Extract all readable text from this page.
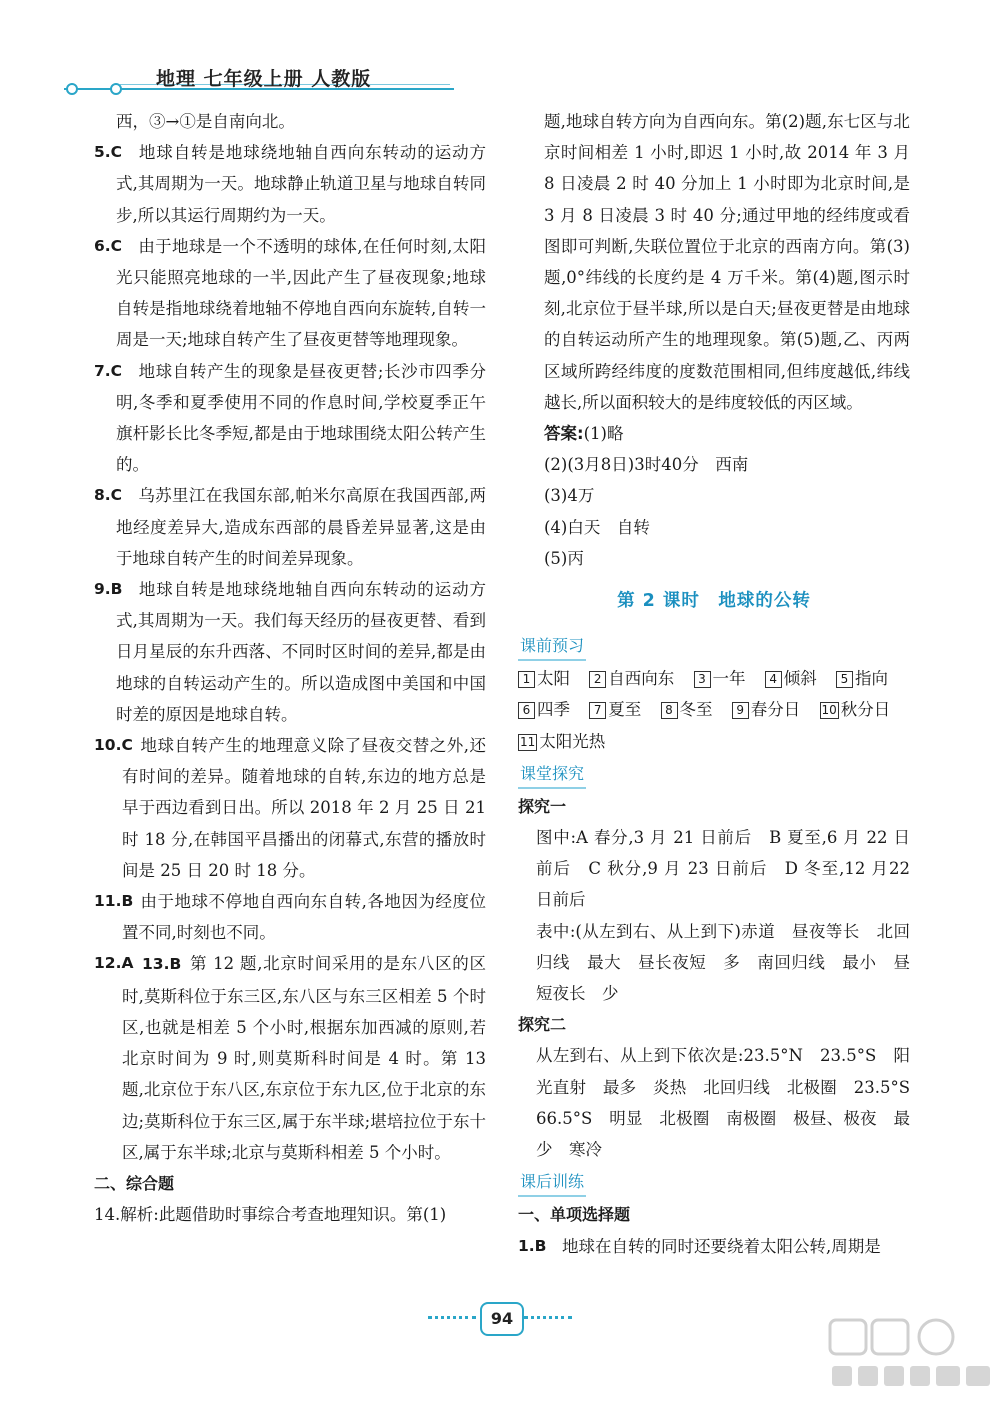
地理 七年级上册 人教版
西，③→①是自南向北。
5.C 地球自转是地球绕地轴自西向东转动的运动方式,其周期为一天。地球静止轨道卫星与地球自转同步,所以其运行周期约为一天。
6.C 由于地球是一个不透明的球体,在任何时刻,太阳光只能照亮地球的一半,因此产生了昼夜现象;地球自转是指地球绕着地轴不停地自西向东旋转,自转一周是一天;地球自转产生了昼夜更替等地理现象。
7.C 地球自转产生的现象是昼夜更替;长沙市四季分明,冬季和夏季使用不同的作息时间,学校夏季正午旗杆影长比冬季短,都是由于地球围绕太阳公转产生的。
8.C 乌苏里江在我国东部,帕米尔高原在我国西部,两地经度差异大,造成东西部的晨昏差异显著,这是由于地球自转产生的时间差异现象。
9.B 地球自转是地球绕地轴自西向东转动的运动方式,其周期为一天。我们每天经历的昼夜更替、看到日月星辰的东升西落、不同时区时间的差异,都是由地球的自转运动产生的。所以造成图中美国和中国时差的原因是地球自转。
10.C 地球自转产生的地理意义除了昼夜交替之外,还有时间的差异。随着地球的自转,东边的地方总是早于西边看到日出。所以 2018 年 2 月 25 日 21 时 18 分,在韩国平昌播出的闭幕式,东营的播放时间是 25 日 20 时 18 分。
11.B 由于地球不停地自西向东自转,各地因为经度位置不同,时刻也不同。
12.A 13.B 第 12 题,北京时间采用的是东八区的区时,莫斯科位于东三区,东八区与东三区相差 5 个时区,也就是相差 5 个小时,根据东加西减的原则,若北京时间为 9 时,则莫斯科时间是 4 时。第 13 题,北京位于东八区,东京位于东九区,位于北京的东边;莫斯科位于东三区,属于东半球;堪培拉位于东十区,属于东半球;北京与莫斯科相差 5 个小时。
二、综合题
14.解析:此题借助时事综合考查地理知识。第(1)
题,地球自转方向为自西向东。第(2)题,东七区与北京时间相差 1 小时,即迟 1 小时,故 2014 年 3 月 8 日凌晨 2 时 40 分加上 1 小时即为北京时间,是 3 月 8 日凌晨 3 时 40 分;通过甲地的经纬度或看图即可判断,失联位置位于北京的西南方向。第(3)题,0°纬线的长度约是 4 万千米。第(4)题,图示时刻,北京位于昼半球,所以是白天;昼夜更替是由地球的自转运动所产生的地理现象。第(5)题,乙、丙两区域所跨经纬度的度数范围相同,但纬度越低,纬线越长,所以面积较大的是纬度较低的丙区域。
答案:(1)略
(2)(3月8日)3时40分　西南
(3)4万
(4)白天　自转
(5)丙
第 2 课时　地球的公转
课前预习
1 太阳 2 自西向东 3 一年 4 倾斜 5 指向
6 四季 7 夏至 8 冬至 9 春分日 10 秋分日
11 太阳光热
课堂探究
探究一
图中:A 春分,3 月 21 日前后　B 夏至,6 月 22 日前后　C 秋分,9 月 23 日前后　D 冬至,12 月22 日前后
表中:(从左到右、从上到下)赤道　昼夜等长　北回归线　最大　昼长夜短　多　南回归线　最小　昼短夜长　少
探究二
从左到右、从上到下依次是:23.5°N　23.5°S　阳光直射　最多　炎热　北回归线　北极圈　23.5°S　66.5°S　明显　北极圈　南极圈　极昼、极夜　最少　寒冷
课后训练
一、单项选择题
1.B 地球在自转的同时还要绕着太阳公转,周期是
94
